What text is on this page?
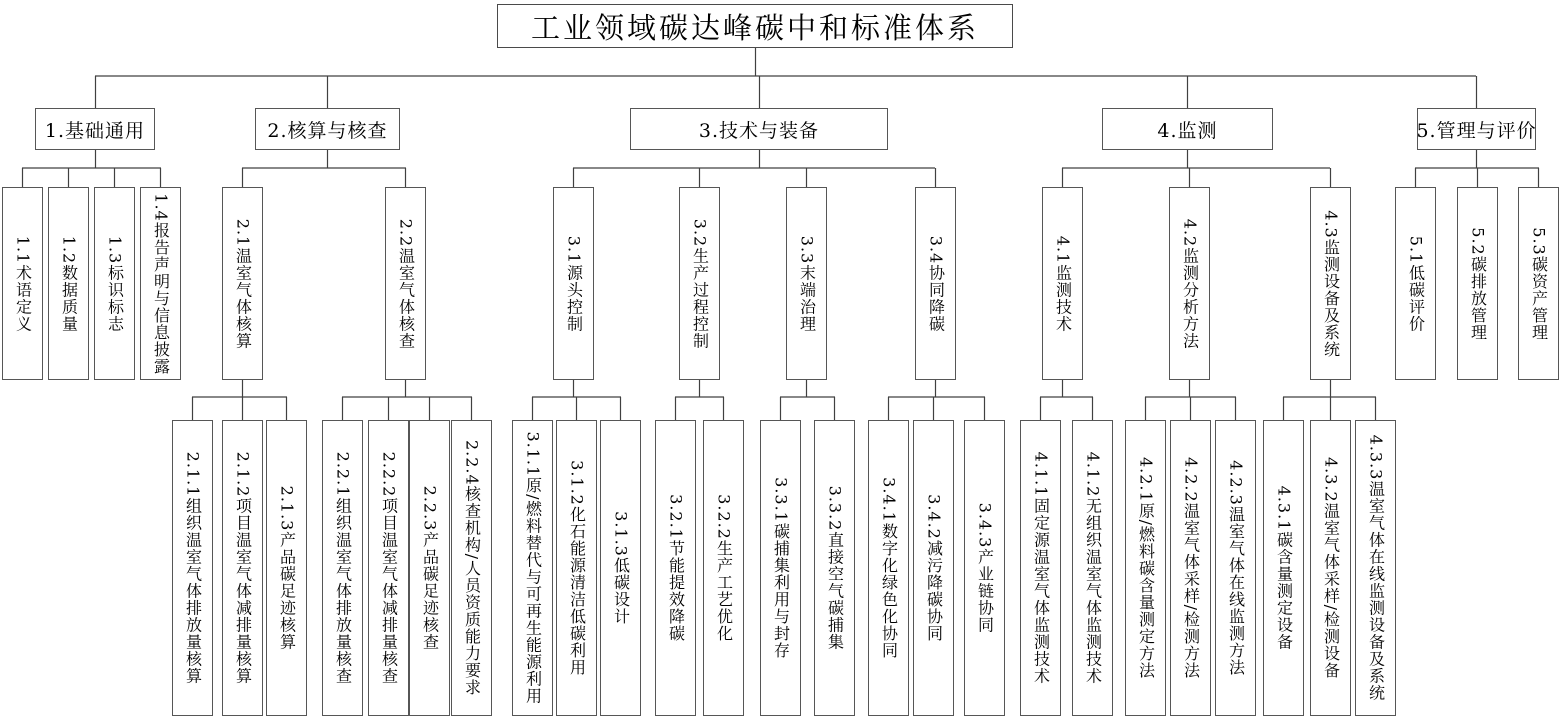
工业领域碳达峰碳中和标准体系
1.基础通用	2.核算与核查	3.技术与装备	4.监测	5.管理与评价
1.1术语定义 1.2数据质量 1.3标识标志 1.4报告声明与信息披露	2.1温室气体核算	2.2温室气体核查	3.1源头控制	3.2生产过程控制	3.3末端治理	3.4协同降碳	4.1监测技术	4.2监测分析方法	4.3监测设备及系统	5.1低碳评价	5.2碳排放管理	5.3碳资产管理
2.1.1组织温室气体排放量核算 2.1.2项目温室气体减排量核算 2.1.3产品碳足迹核算 2.2.1组织温室气体排放量核查 2.2.2项目温室气体减排量核查 2.2.3产品碳足迹核查 2.2.4核查机构/人员资质能力要求	3.1.1原/燃料替代与可再生能源利用 3.1.2化石能源清洁低碳利用 3.1.3低碳设计 3.2.1节能提效降碳 3.2.2生产工艺优化 3.3.1碳捕集利用与封存 3.3.2直接空气碳捕集 3.4.1数字化绿色化协同 3.4.2减污降碳协同 3.4.3产业链协同 4.1.1固定源温室气体监测技术 4.1.2无组织温室气体监测技术 4.2.1原/燃料碳含量测定方法 4.2.2温室气体采样/检测方法 4.2.3温室气体在线监测方法 4.3.1碳含量测定设备 4.3.2温室气体采样/检测设备 4.3.3温室气体在线监测设备及系统
